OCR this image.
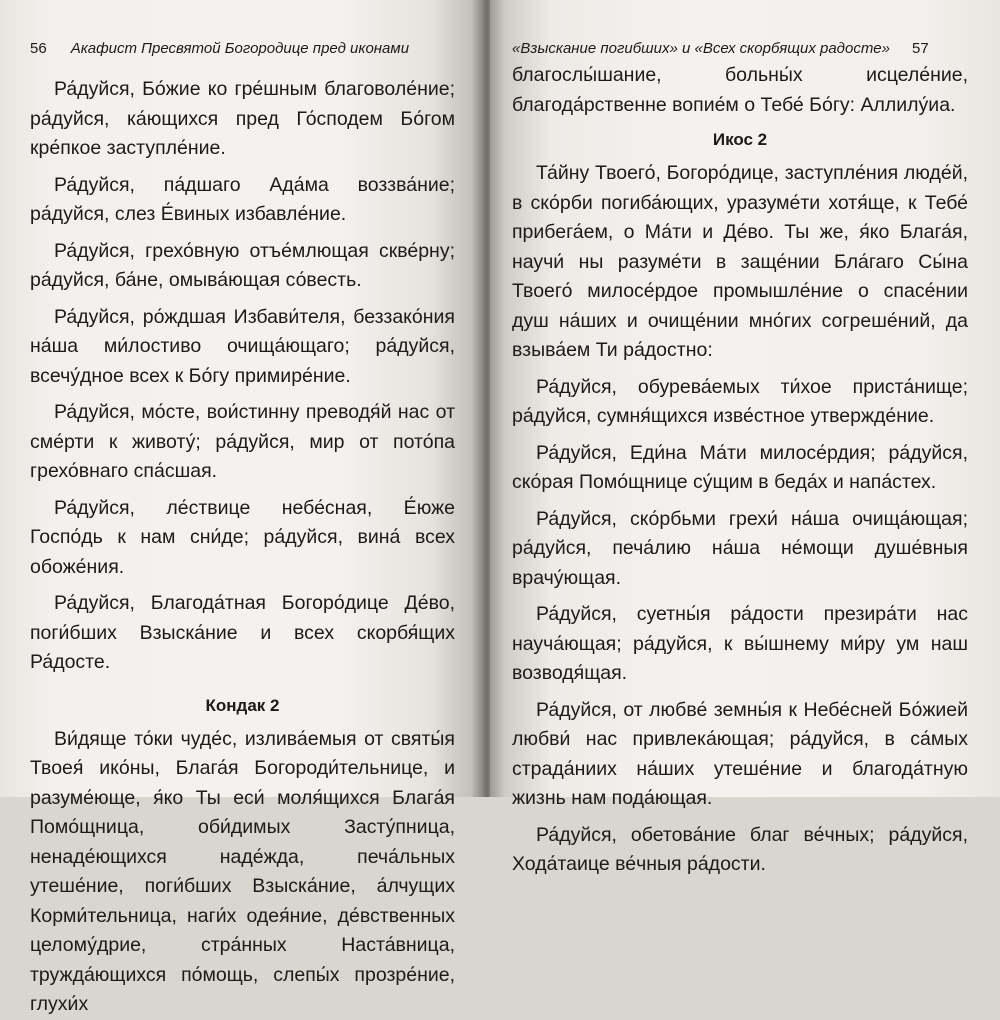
56 Акафист Пресвятой Богородице пред иконами

Ра́дуйся, Бо́жие ко гре́шным благоволе́ние; ра́дуйся, ка́ющихся пред Го́сподем Бо́гом кре́пкое заступле́ние.

Ра́дуйся, па́дшаго Ада́ма воззва́ние; ра́дуйся, слез Е́виных избавле́ние.

Ра́дуйся, грехо́вную отъе́млющая скве́рну; ра́дуйся, ба́не, омыва́ющая со́весть.

Ра́дуйся, ро́ждшая Избави́теля, беззако́ния на́ша ми́лостиво очища́ющаго; ра́дуйся, всечу́дное всех к Бо́гу примире́ние.

Ра́дуйся, мо́сте, вои́стинну преводя́й нас от сме́рти к животу́; ра́дуйся, мир от пото́па грехо́внаго спа́сшая.

Ра́дуйся, ле́ствице небе́сная, Е́юже Госпо́дь к нам сни́де; ра́дуйся, вина́ всех обоже́ния.

Ра́дуйся, Благода́тная Богоро́дице Де́во, поги́бших Взыска́ние и всех скорбя́щих Ра́досте.

Кондак 2

Ви́дяще то́ки чуде́с, излива́емыя от святы́я Твоея́ ико́ны, Блага́я Богороди́тельнице, и разуме́юще, я́ко Ты еси́ моля́щихся Блага́я Помо́щница, оби́димых Засту́пница, ненаде́ющихся наде́жда, печа́льных утеше́ние, поги́бших Взыска́ние, а́лчущих Корми́тельница, наги́х одея́ние, де́вственных целому́дрие, стра́нных Наста́вница, тружда́ющихся по́мощь, слепы́х прозре́ние, глухи́х

«Взыскание погибших» и «Всех скорбящих радосте» 57

благослы́шание, больны́х исцеле́ние, благода́рственне вопие́м о Тебе́ Бо́гу: Аллилу́иа.

Икос 2

Та́йну Твоего́, Богоро́дице, заступле́ния люде́й, в ско́рби погиба́ющих, уразуме́ти хотя́ще, к Тебе́ прибега́ем, о Ма́ти и Де́во. Ты же, я́ко Блага́я, научи́ ны разуме́ти в заще́нии Бла́гаго Сы́на Твоего́ милосе́рдое промышле́ние о спасе́нии душ на́ших и очище́нии мно́гих согреше́ний, да взыва́ем Ти ра́достно:

Ра́дуйся, обурева́емых ти́хое приста́нище; ра́дуйся, сумня́щихся изве́стное утвержде́ние.

Ра́дуйся, Еди́на Ма́ти милосе́рдия; ра́дуйся, ско́рая Помо́щнице су́щим в беда́х и напа́стех.

Ра́дуйся, ско́рбьми грехи́ на́ша очища́ющая; ра́дуйся, печа́лию на́ша не́мощи душе́вныя врачу́ющая.

Ра́дуйся, суетны́я ра́дости презира́ти нас науча́ющая; ра́дуйся, к вы́шнему ми́ру ум наш возводя́щая.

Ра́дуйся, от любве́ земны́я к Небе́сней Бо́жией любви́ нас привлека́ющая; ра́дуйся, в са́мых страда́ниих на́ших утеше́ние и благода́тную жизнь нам пода́ющая.

Ра́дуйся, обетова́ние благ ве́чных; ра́дуйся, Хода́таице ве́чныя ра́дости.
